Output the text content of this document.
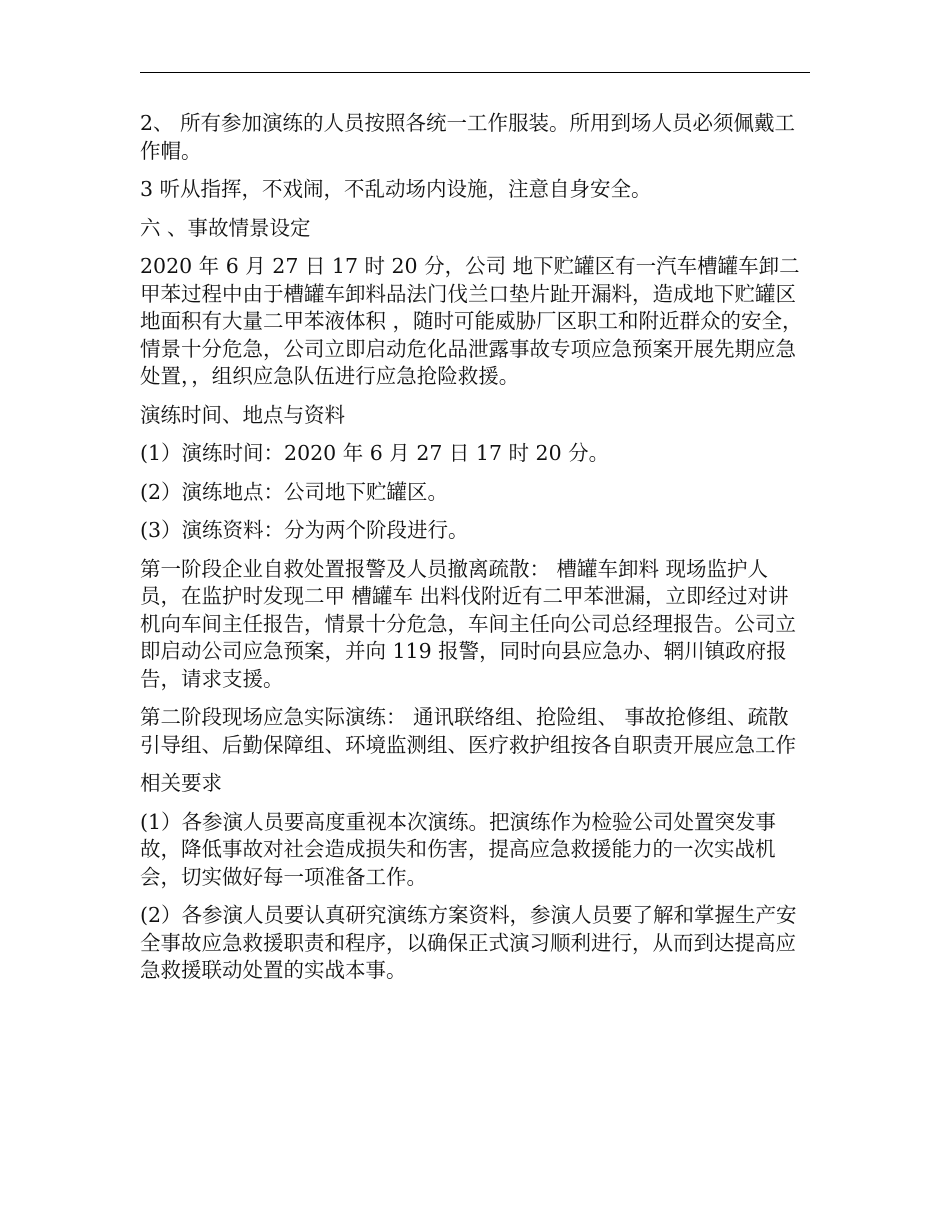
2、 所有参加演练的人员按照各统一工作服装。所用到场人员必须佩戴工作帽。

3 听从指挥，不戏闹，不乱动场内设施，注意自身安全。

六 、事故情景设定

2020 年 6 月 27 日 17 时 20 分，公司 地下贮罐区有一汽车槽罐车卸二甲苯过程中由于槽罐车卸料品法门伐兰口垫片趾开漏料，造成地下贮罐区地面积有大量二甲苯液体积 ，随时可能威胁厂区职工和附近群众的安全，情景十分危急，公司立即启动危化品泄露事故专项应急预案开展先期应急处置，，组织应急队伍进行应急抢险救援。

演练时间、地点与资料

(1）演练时间：2020 年 6 月 27 日 17 时 20 分。

(2）演练地点：公司地下贮罐区。

(3）演练资料：分为两个阶段进行。

第一阶段企业自救处置报警及人员撤离疏散： 槽罐车卸料 现场监护人员，在监护时发现二甲 槽罐车 出料伐附近有二甲苯泄漏，立即经过对讲机向车间主任报告，情景十分危急，车间主任向公司总经理报告。公司立即启动公司应急预案，并向 119 报警，同时向县应急办、辋川镇政府报告，请求支援。

第二阶段现场应急实际演练： 通讯联络组、抢险组、 事故抢修组、疏散引导组、后勤保障组、环境监测组、医疗救护组按各自职责开展应急工作

相关要求

(1）各参演人员要高度重视本次演练。把演练作为检验公司处置突发事故，降低事故对社会造成损失和伤害，提高应急救援能力的一次实战机会，切实做好每一项准备工作。

(2）各参演人员要认真研究演练方案资料，参演人员要了解和掌握生产安全事故应急救援职责和程序，以确保正式演习顺利进行，从而到达提高应急救援联动处置的实战本事。
